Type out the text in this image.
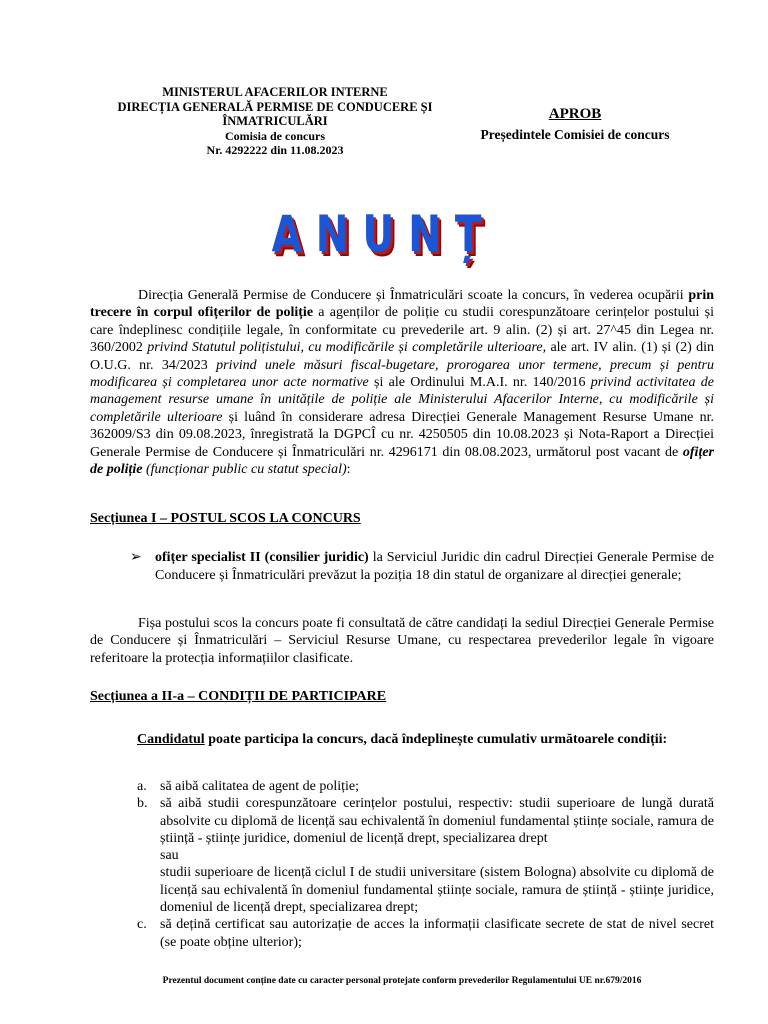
MINISTERUL AFACERILOR INTERNE
DIRECȚIA GENERALĂ PERMISE DE CONDUCERE ȘI
ÎNMATRICULĂRI
Comisia de concurs
Nr. 4292222 din 11.08.2023
APROB
Președintele Comisiei de concurs
ANUNȚ
Direcția Generală Permise de Conducere și Înmatriculări scoate la concurs, în vederea ocupării prin trecere în corpul ofițerilor de poliție a agenților de poliție cu studii corespunzătoare cerințelor postului și care îndeplinesc condițiile legale, în conformitate cu prevederile art. 9 alin. (2) și art. 27^45 din Legea nr. 360/2002 privind Statutul polițistului, cu modificările și completările ulterioare, ale art. IV alin. (1) și (2) din O.U.G. nr. 34/2023 privind unele măsuri fiscal-bugetare, prorogarea unor termene, precum și pentru modificarea și completarea unor acte normative și ale Ordinului M.A.I. nr. 140/2016 privind activitatea de management resurse umane în unitățile de poliție ale Ministerului Afacerilor Interne, cu modificările și completările ulterioare și luând în considerare adresa Direcției Generale Management Resurse Umane nr. 362009/S3 din 09.08.2023, înregistrată la DGPCÎ cu nr. 4250505 din 10.08.2023 și Nota-Raport a Direcției Generale Permise de Conducere și Înmatriculări nr. 4296171 din 08.08.2023, următorul post vacant de ofițer de poliție (funcționar public cu statut special):
Secțiunea I – POSTUL SCOS LA CONCURS
➢ ofițer specialist II (consilier juridic) la Serviciul Juridic din cadrul Direcției Generale Permise de Conducere și Înmatriculări prevăzut la poziția 18 din statul de organizare al direcției generale;
Fișa postului scos la concurs poate fi consultată de către candidați la sediul Direcției Generale Permise de Conducere și Înmatriculări – Serviciul Resurse Umane, cu respectarea prevederilor legale în vigoare referitoare la protecția informațiilor clasificate.
Secțiunea a II-a – CONDIȚII DE PARTICIPARE
Candidatul poate participa la concurs, dacă îndeplinește cumulativ următoarele condiții:
a. să aibă calitatea de agent de poliție;
b. să aibă studii corespunzătoare cerințelor postului, respectiv: studii superioare de lungă durată absolvite cu diplomă de licență sau echivalentă în domeniul fundamental științe sociale, ramura de știință - științe juridice, domeniul de licență drept, specializarea drept
sau
studii superioare de licență ciclul I de studii universitare (sistem Bologna) absolvite cu diplomă de licență sau echivalentă în domeniul fundamental științe sociale, ramura de știință - științe juridice, domeniul de licență drept, specializarea drept;
c. să dețină certificat sau autorizație de acces la informații clasificate secrete de stat de nivel secret (se poate obține ulterior);
Prezentul document conține date cu caracter personal protejate conform prevederilor Regulamentului UE nr.679/2016
